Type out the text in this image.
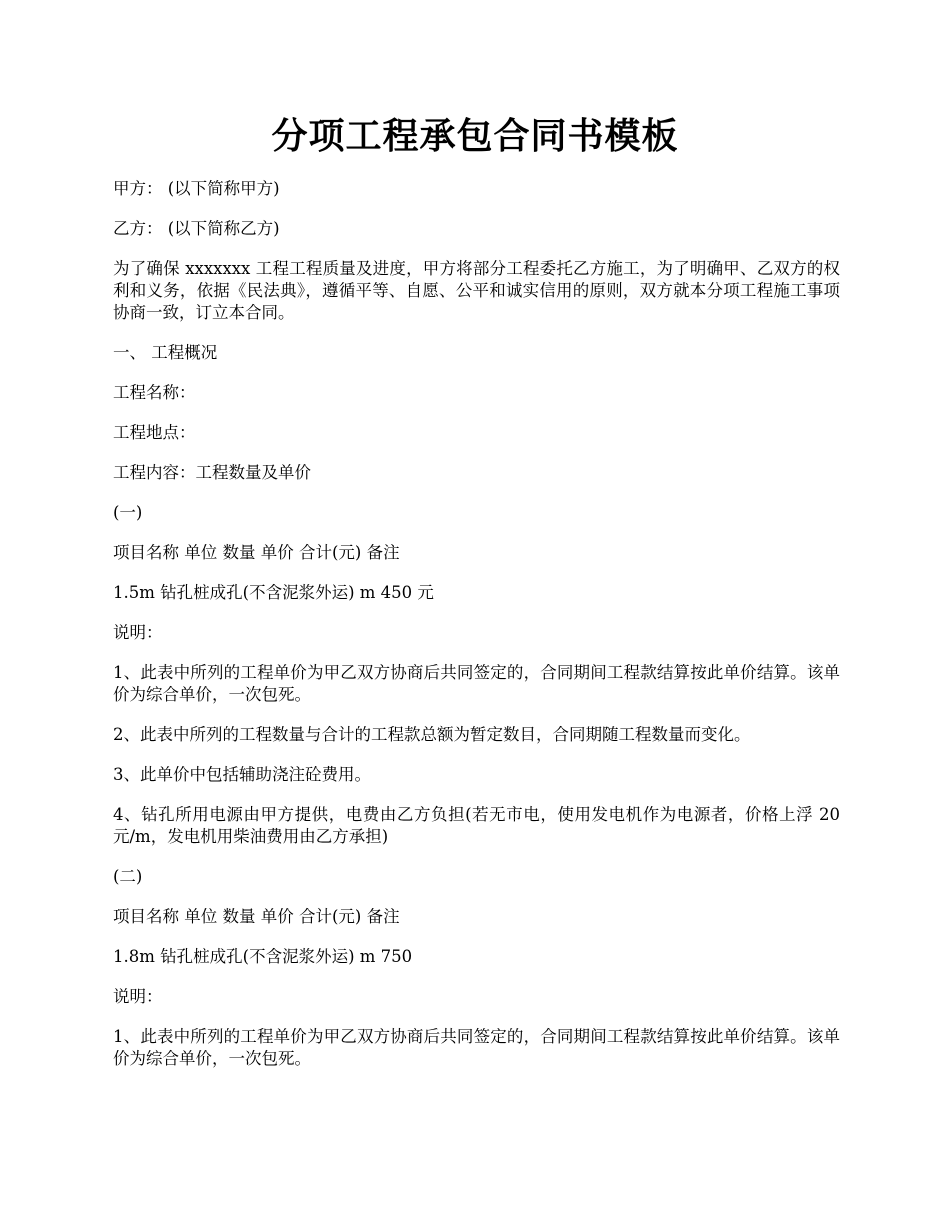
分项工程承包合同书模板

甲方： (以下简称甲方)

乙方： (以下简称乙方)

为了确保 xxxxxxx 工程工程质量及进度，甲方将部分工程委托乙方施工，为了明确甲、乙双方的权利和义务，依据《民法典》，遵循平等、自愿、公平和诚实信用的原则，双方就本分项工程施工事项协商一致，订立本合同。

一、 工程概况

工程名称：

工程地点：

工程内容：工程数量及单价

(一)

项目名称 单位 数量 单价 合计(元) 备注

1.5m 钻孔桩成孔(不含泥浆外运) m 450 元

说明：

1、此表中所列的工程单价为甲乙双方协商后共同签定的，合同期间工程款结算按此单价结算。该单价为综合单价，一次包死。

2、此表中所列的工程数量与合计的工程款总额为暂定数目，合同期随工程数量而变化。

3、此单价中包括辅助浇注砼费用。

4、钻孔所用电源由甲方提供，电费由乙方负担(若无市电，使用发电机作为电源者，价格上浮 20 元/m，发电机用柴油费用由乙方承担)

(二)

项目名称 单位 数量 单价 合计(元) 备注

1.8m 钻孔桩成孔(不含泥浆外运) m 750

说明：

1、此表中所列的工程单价为甲乙双方协商后共同签定的，合同期间工程款结算按此单价结算。该单价为综合单价，一次包死。
